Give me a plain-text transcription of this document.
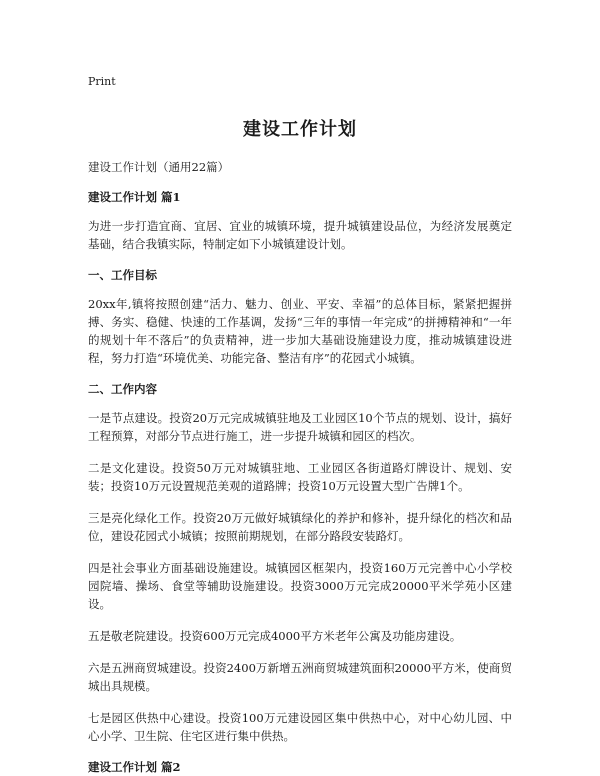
Print
建设工作计划
建设工作计划（通用22篇）
建设工作计划 篇1
为进一步打造宜商、宜居、宜业的城镇环境，提升城镇建设品位，为经济发展奠定基础，结合我镇实际，特制定如下小城镇建设计划。
一、工作目标
20xx年,镇将按照创建“活力、魅力、创业、平安、幸福”的总体目标，紧紧把握拼搏、务实、稳健、快速的工作基调，发扬“三年的事情一年完成”的拼搏精神和“一年的规划十年不落后”的负责精神，进一步加大基础设施建设力度，推动城镇建设进程，努力打造“环境优美、功能完备、整洁有序”的花园式小城镇。
二、工作内容
一是节点建设。投资20万元完成城镇驻地及工业园区10个节点的规划、设计，搞好工程预算，对部分节点进行施工，进一步提升城镇和园区的档次。
二是文化建设。投资50万元对城镇驻地、工业园区各街道路灯牌设计、规划、安装；投资10万元设置规范美观的道路牌；投资10万元设置大型广告牌1个。
三是亮化绿化工作。投资20万元做好城镇绿化的养护和修补，提升绿化的档次和品位，建设花园式小城镇；按照前期规划，在部分路段安装路灯。
四是社会事业方面基础设施建设。城镇园区框架内，投资160万元完善中心小学校园院墙、操场、食堂等辅助设施建设。投资3000万元完成20000平米学苑小区建设。
五是敬老院建设。投资600万元完成4000平方米老年公寓及功能房建设。
六是五洲商贸城建设。投资2400万新增五洲商贸城建筑面积20000平方米，使商贸城出具规模。
七是园区供热中心建设。投资100万元建设园区集中供热中心，对中心幼儿园、中心小学、卫生院、住宅区进行集中供热。
建设工作计划 篇2
